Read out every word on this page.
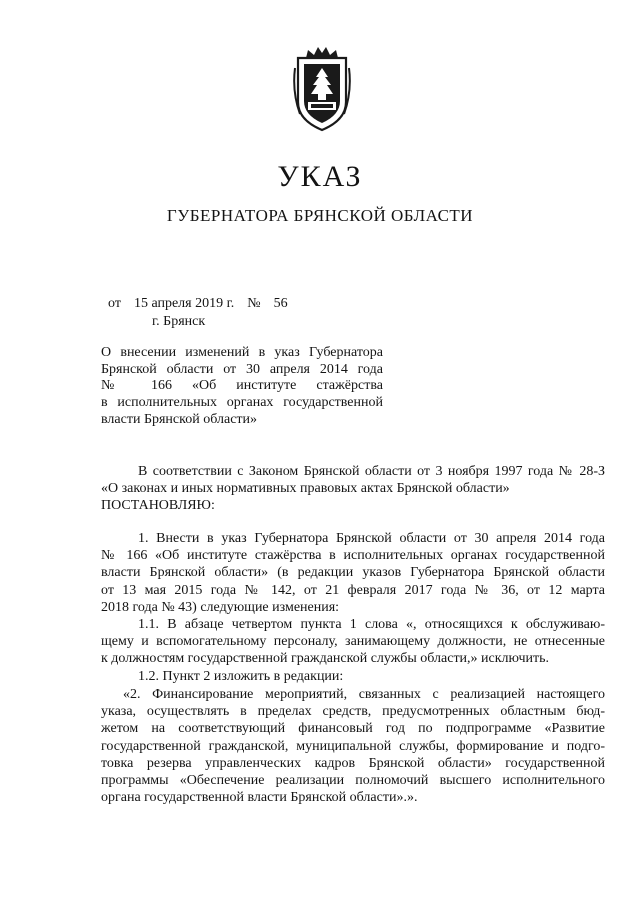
УКАЗ

ГУБЕРНАТОРА БРЯНСКОЙ ОБЛАСТИ

от 15 апреля 2019 г. № 56
г. Брянск
О внесении изменений в указ Губернатора
Брянской области от 30 апреля 2014 года
№ 166 «Об институте стажёрства
в исполнительных органах государственной
власти Брянской области»
В соответствии с Законом Брянской области от 3 ноября 1997 года № 28-З
«О законах и иных нормативных правовых актах Брянской области»
ПОСТАНОВЛЯЮ:
1. Внести в указ Губернатора Брянской области от 30 апреля 2014 года
№ 166 «Об институте стажёрства в исполнительных органах государственной
власти Брянской области» (в редакции указов Губернатора Брянской области
от 13 мая 2015 года № 142, от 21 февраля 2017 года № 36, от 12 марта
2018 года № 43) следующие изменения:
1.1. В абзаце четвертом пункта 1 слова «, относящихся к обслуживаю-
щему и вспомогательному персоналу, занимающему должности, не отнесенные
к должностям государственной гражданской службы области,» исключить.
1.2. Пункт 2 изложить в редакции:
«2. Финансирование мероприятий, связанных с реализацией настоящего
указа, осуществлять в пределах средств, предусмотренных областным бюд-
жетом на соответствующий финансовый год по подпрограмме «Развитие
государственной гражданской, муниципальной службы, формирование и подго-
товка резерва управленческих кадров Брянской области» государственной
программы «Обеспечение реализации полномочий высшего исполнительного
органа государственной власти Брянской области».».
